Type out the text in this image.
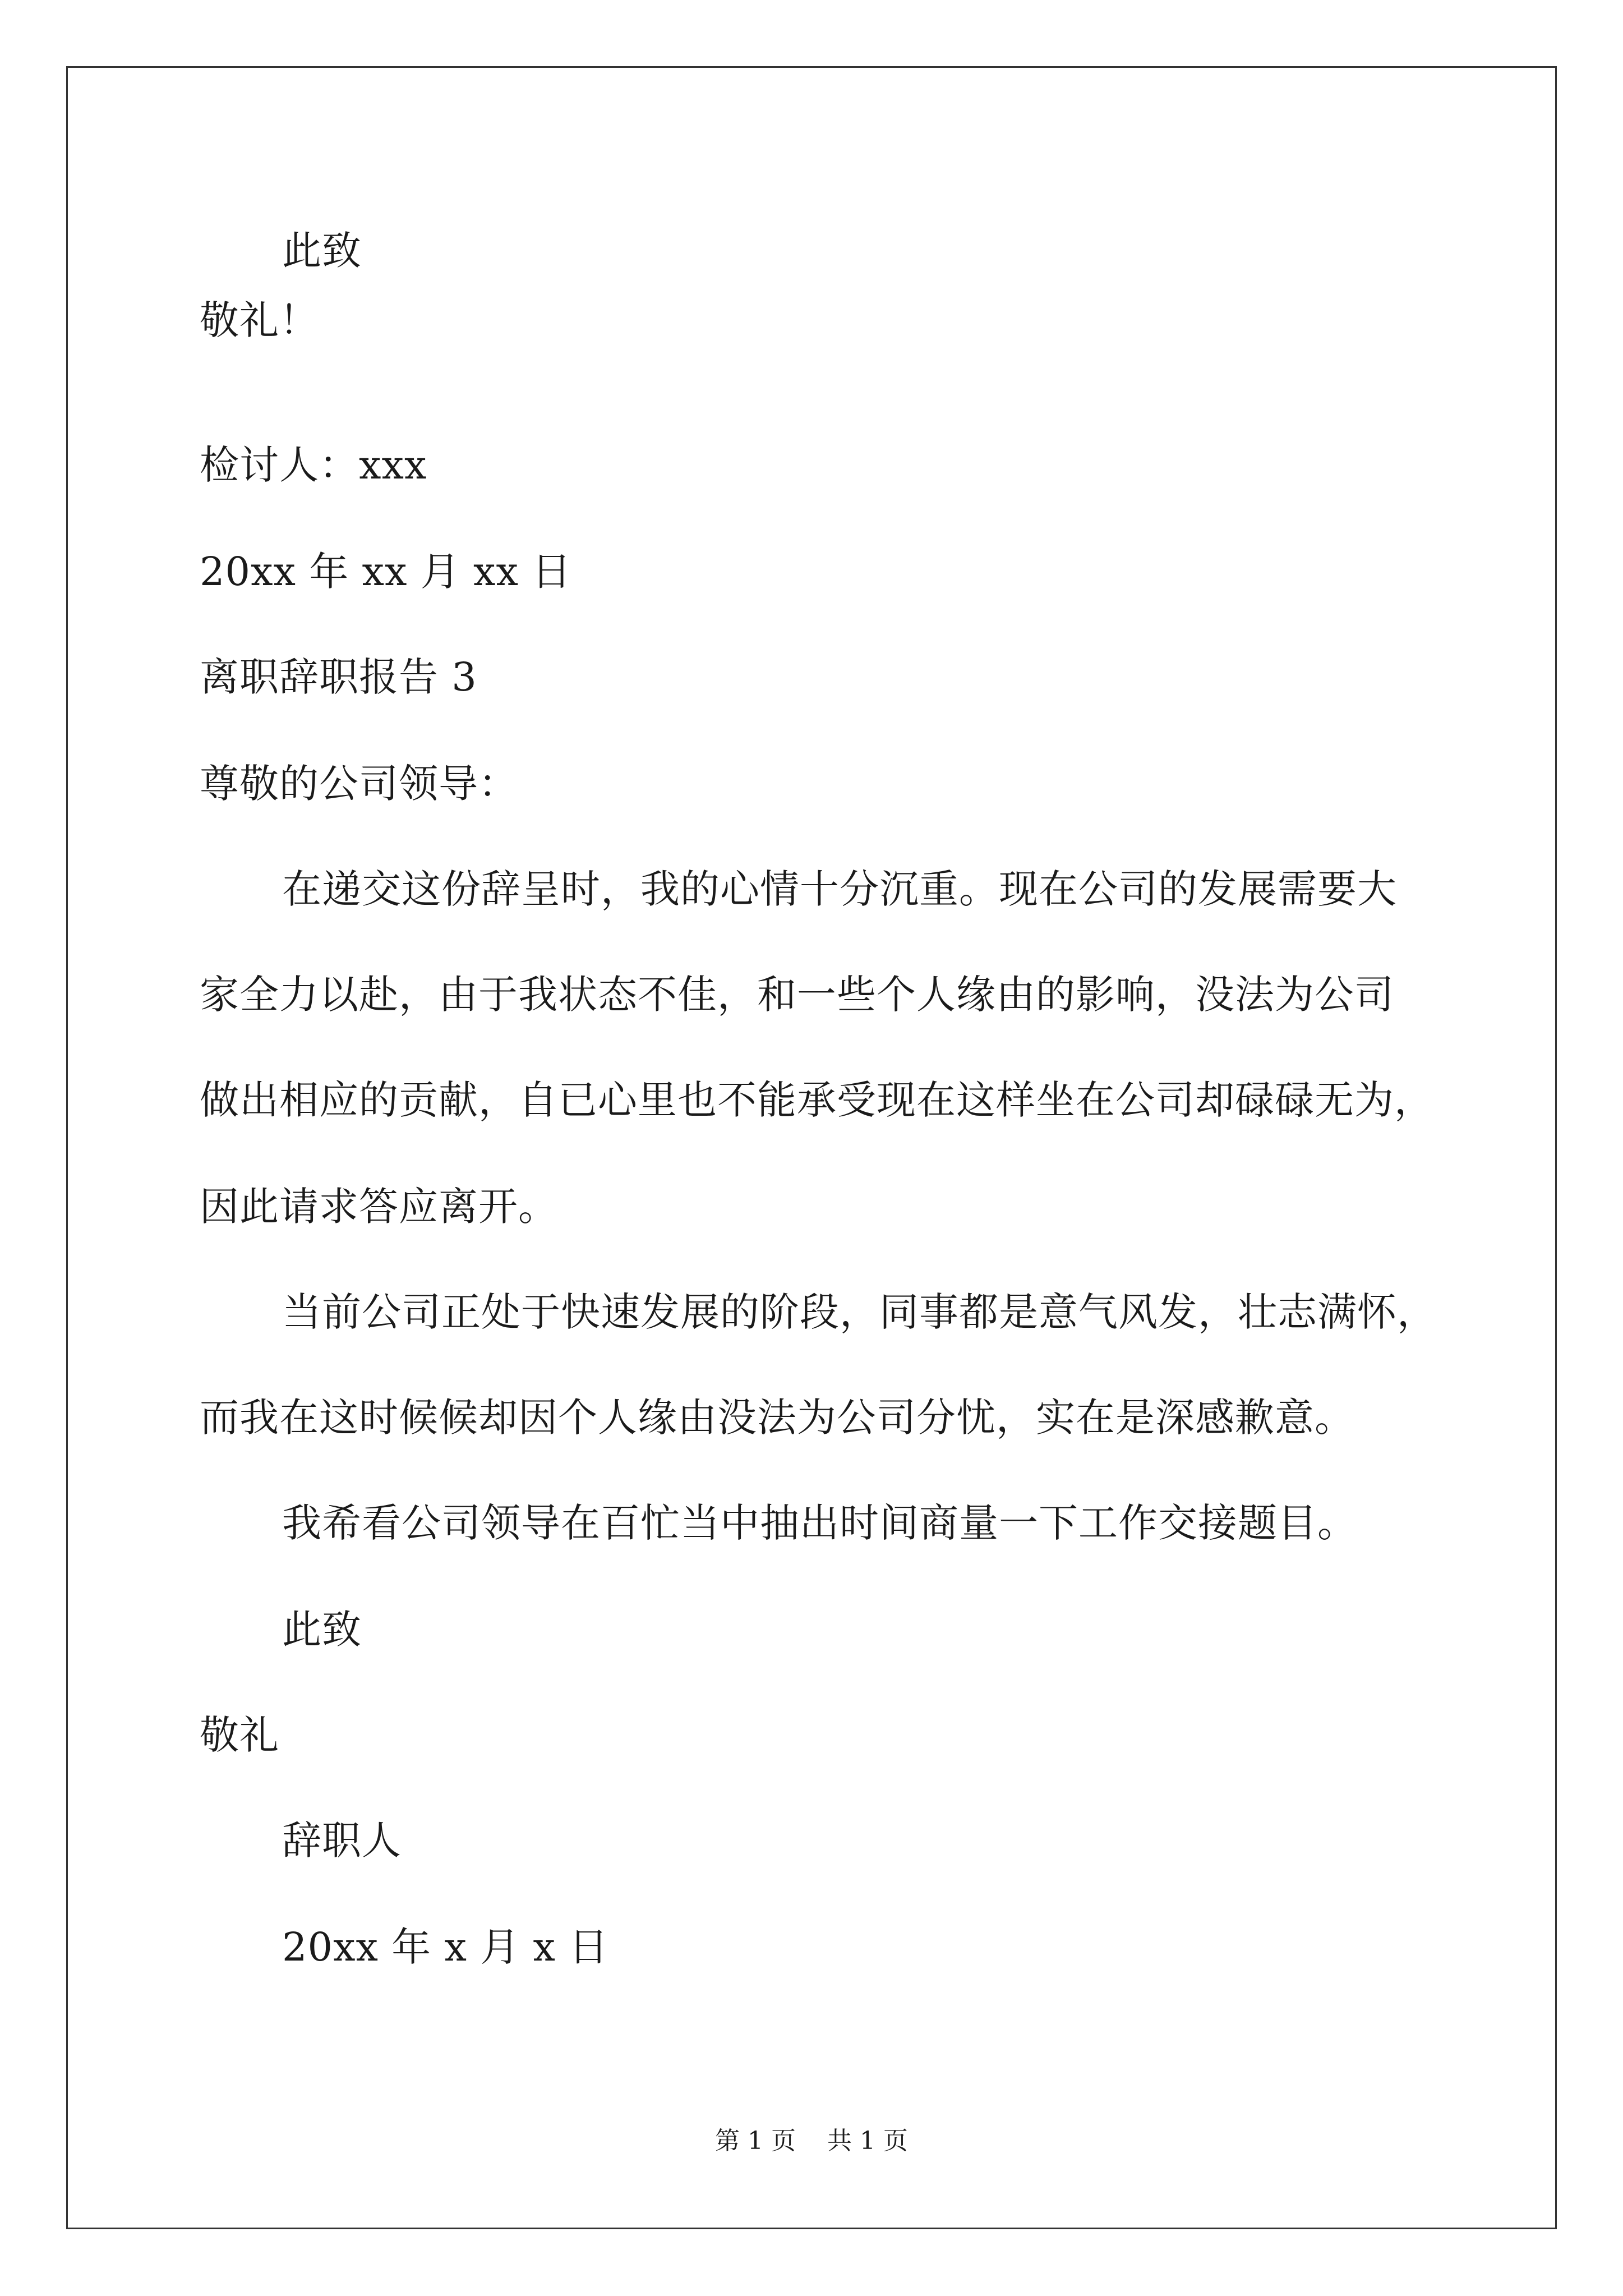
此致
敬礼！
检讨人：xxx
20xx 年 xx 月 xx 日
离职辞职报告 3
尊敬的公司领导：
在递交这份辞呈时，我的心情十分沉重。现在公司的发展需要大
家全力以赴，由于我状态不佳，和一些个人缘由的影响，没法为公司
做出相应的贡献，自已心里也不能承受现在这样坐在公司却碌碌无为，
因此请求答应离开。
当前公司正处于快速发展的阶段，同事都是意气风发，壮志满怀，
而我在这时候候却因个人缘由没法为公司分忧，实在是深感歉意。
我希看公司领导在百忙当中抽出时间商量一下工作交接题目。
此致
敬礼
辞职人
20xx 年 x 月 x 日
第 1 页    共 1 页
